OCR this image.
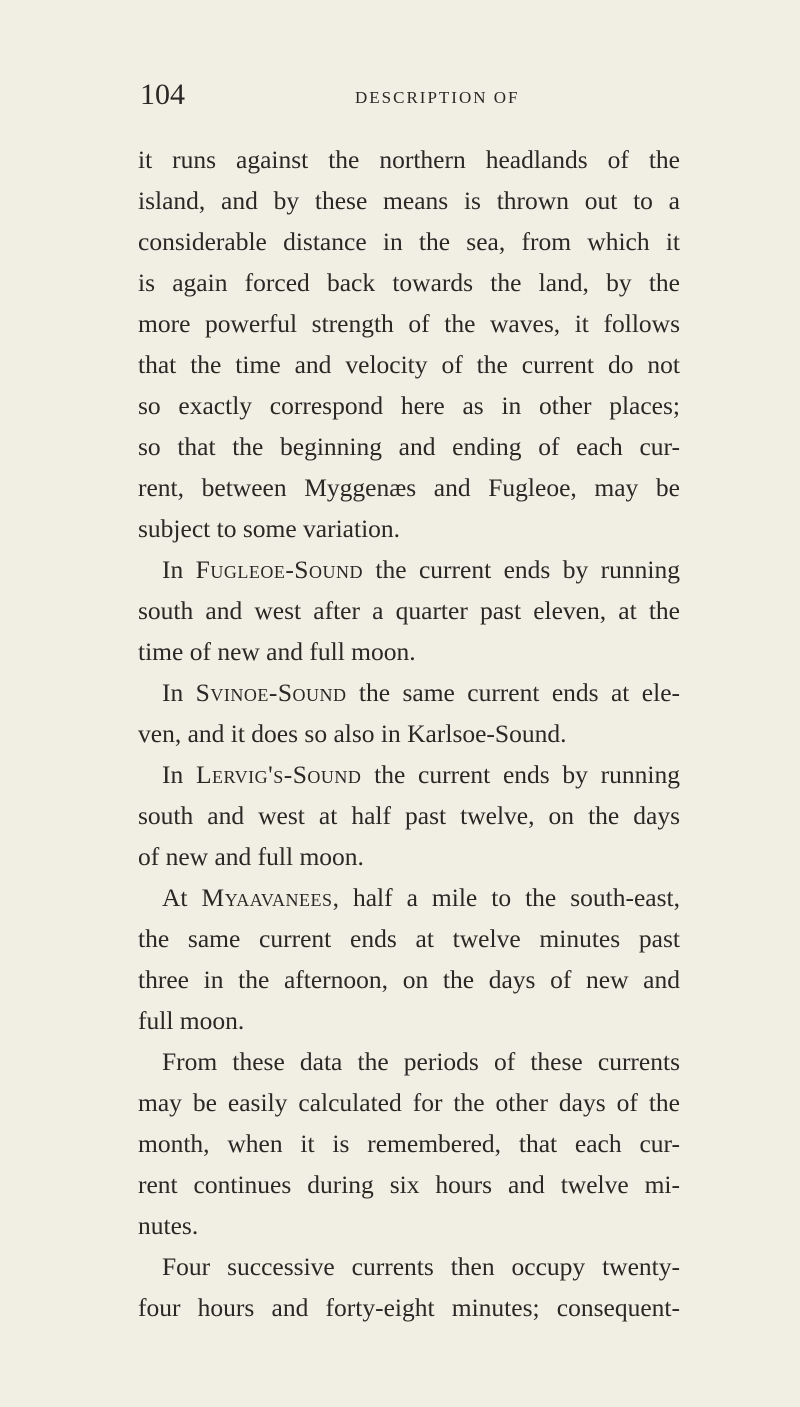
104	DESCRIPTION OF
it runs against the northern headlands of the
island, and by these means is thrown out to a
considerable distance in the sea, from which it
is again forced back towards the land, by the
more powerful strength of the waves, it follows
that the time and velocity of the current do not
so exactly correspond here as in other places;
so that the beginning and ending of each cur-
rent, between Myggenæs and Fugleoe, may be
subject to some variation.
In Fugleoe-Sound the current ends by running
south and west after a quarter past eleven, at the
time of new and full moon.
In Svinoe-Sound the same current ends at ele-
ven, and it does so also in Karlsoe-Sound.
In Lervig's-Sound the current ends by running
south and west at half past twelve, on the days
of new and full moon.
At Myaavanees, half a mile to the south-east,
the same current ends at twelve minutes past
three in the afternoon, on the days of new and
full moon.
From these data the periods of these currents
may be easily calculated for the other days of the
month, when it is remembered, that each cur-
rent continues during six hours and twelve mi-
nutes.
Four successive currents then occupy twenty-
four hours and forty-eight minutes; consequent-
